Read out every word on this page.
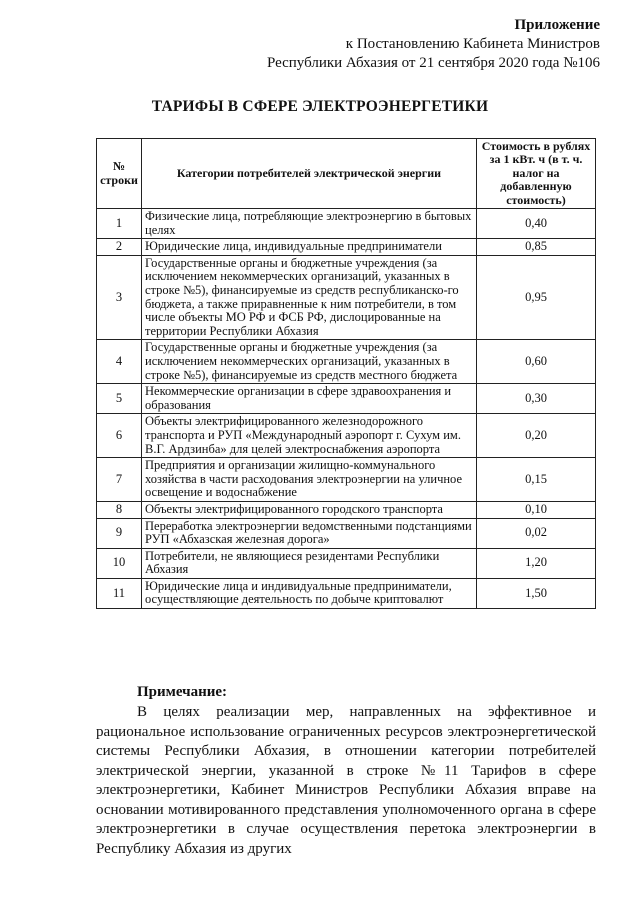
Приложение
к Постановлению Кабинета Министров
Республики Абхазия от 21 сентября 2020 года №106
ТАРИФЫ В СФЕРЕ ЭЛЕКТРОЭНЕРГЕТИКИ
№ строки	Категории потребителей электрической энергии	Стоимость в рублях за 1 кВт. ч (в т. ч. налог на добавленную стоимость)
1	Физические лица, потребляющие электроэнергию в бытовых целях	0,40
2	Юридические лица, индивидуальные предприниматели	0,85
3	Государственные органы и бюджетные учреждения (за исключением некоммерческих организаций, указанных в строке №5), финансируемые из средств республиканско-го бюджета, а также приравненные к ним потребители, в том числе объекты МО РФ и ФСБ РФ, дислоцированные на территории Республики Абхазия	0,95
4	Государственные органы и бюджетные учреждения (за исключением некоммерческих организаций, указанных в строке №5), финансируемые из средств местного бюджета	0,60
5	Некоммерческие организации в сфере здравоохранения и образования	0,30
6	Объекты электрифицированного железнодорожного транспорта и РУП «Международный аэропорт г. Сухум им. В.Г. Ардзинба» для целей электроснабжения аэропорта	0,20
7	Предприятия и организации жилищно-коммунального хозяйства в части расходования электроэнергии на уличное освещение и водоснабжение	0,15
8	Объекты электрифицированного городского транспорта	0,10
9	Переработка электроэнергии ведомственными подстанциями РУП «Абхазская железная дорога»	0,02
10	Потребители, не являющиеся резидентами Республики Абхазия	1,20
11	Юридические лица и индивидуальные предприниматели, осуществляющие деятельность по добыче криптовалют	1,50
Примечание:
В целях реализации мер, направленных на эффективное и рациональное использование ограниченных ресурсов электроэнергетической системы Республики Абхазия, в отношении категории потребителей электрической энергии, указанной в строке №11 Тарифов в сфере электроэнергетики, Кабинет Министров Республики Абхазия вправе на основании мотивированного представления уполномоченного органа в сфере электроэнергетики в случае осуществления перетока электроэнергии в Республику Абхазия из других
